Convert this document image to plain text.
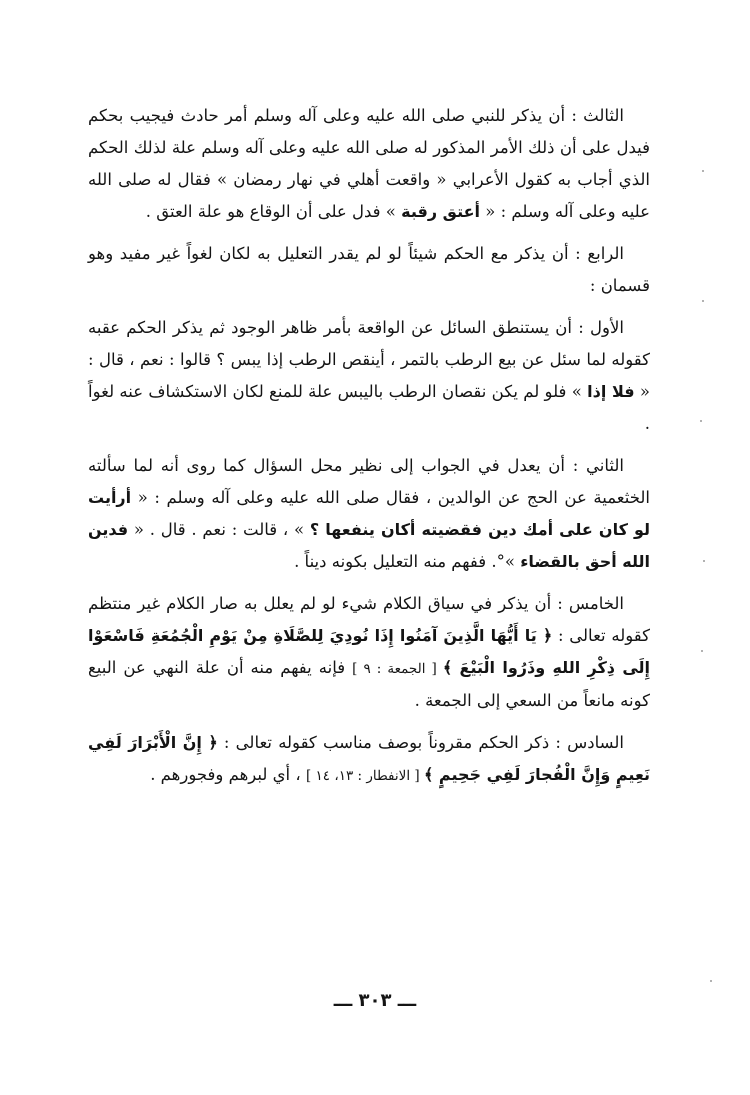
الثالث : أن يذكر للنبي صلى الله عليه وعلى آله وسلم أمر حادث فيجيب بحكم فيدل على أن ذلك الأمر المذكور له صلى الله عليه وعلى آله وسلم علة لذلك الحكم الذي أجاب به كقول الأعرابي « واقعت أهلي في نهار رمضان » فقال له صلى الله عليه وعلى آله وسلم : « أعتق رقبة » فدل على أن الوقاع هو علة العتق .

الرابع : أن يذكر مع الحكم شيئاً لو لم يقدر التعليل به لكان لغواً غير مفيد وهو قسمان :

الأول : أن يستنطق السائل عن الواقعة بأمر ظاهر الوجود ثم يذكر الحكم عقبه كقوله لما سئل عن بيع الرطب بالتمر ، أينقص الرطب إذا يبس ؟ قالوا : نعم ، قال : « فلا إذا » فلو لم يكن نقصان الرطب باليبس علة للمنع لكان الاستكشاف عنه لغواً .

الثاني : أن يعدل في الجواب إلى نظير محل السؤال كما روى أنه لما سألته الخثعمية عن الحج عن الوالدين ، فقال صلى الله عليه وعلى آله وسلم : « أرأيت لو كان على أمك دين فقضيته أكان ينفعها ؟ » ، قالت : نعم . قال . « فدين الله أحق بالقضاء »°. ففهم منه التعليل بكونه ديناً .

الخامس : أن يذكر في سياق الكلام شيء لو لم يعلل به صار الكلام غير منتظم كقوله تعالى : ﴿ يَا أَيُّهَا الَّذِينَ آمَنُوا إِذَا نُودِيَ لِلصَّلَاةِ مِنْ يَوْمِ الْجُمُعَةِ فَاسْعَوْا إِلَى ذِكْرِ اللهِ وذَرُوا الْبَيْعَ ﴾ [ الجمعة : ٩ ] فإنه يفهم منه أن علة النهي عن البيع كونه مانعاً من السعي إلى الجمعة .

السادس : ذكر الحكم مقروناً بوصف مناسب كقوله تعالى : ﴿ إِنَّ الْأَبْرَارَ لَفِي نَعِيمٍ وَإِنَّ الْفُجارَ لَفِي جَحِيمٍ ﴾ [ الانفطار : ١٣، ١٤ ] ، أي لبرهم وفجورهم .

ـــ ٣٠٣ ـــ
